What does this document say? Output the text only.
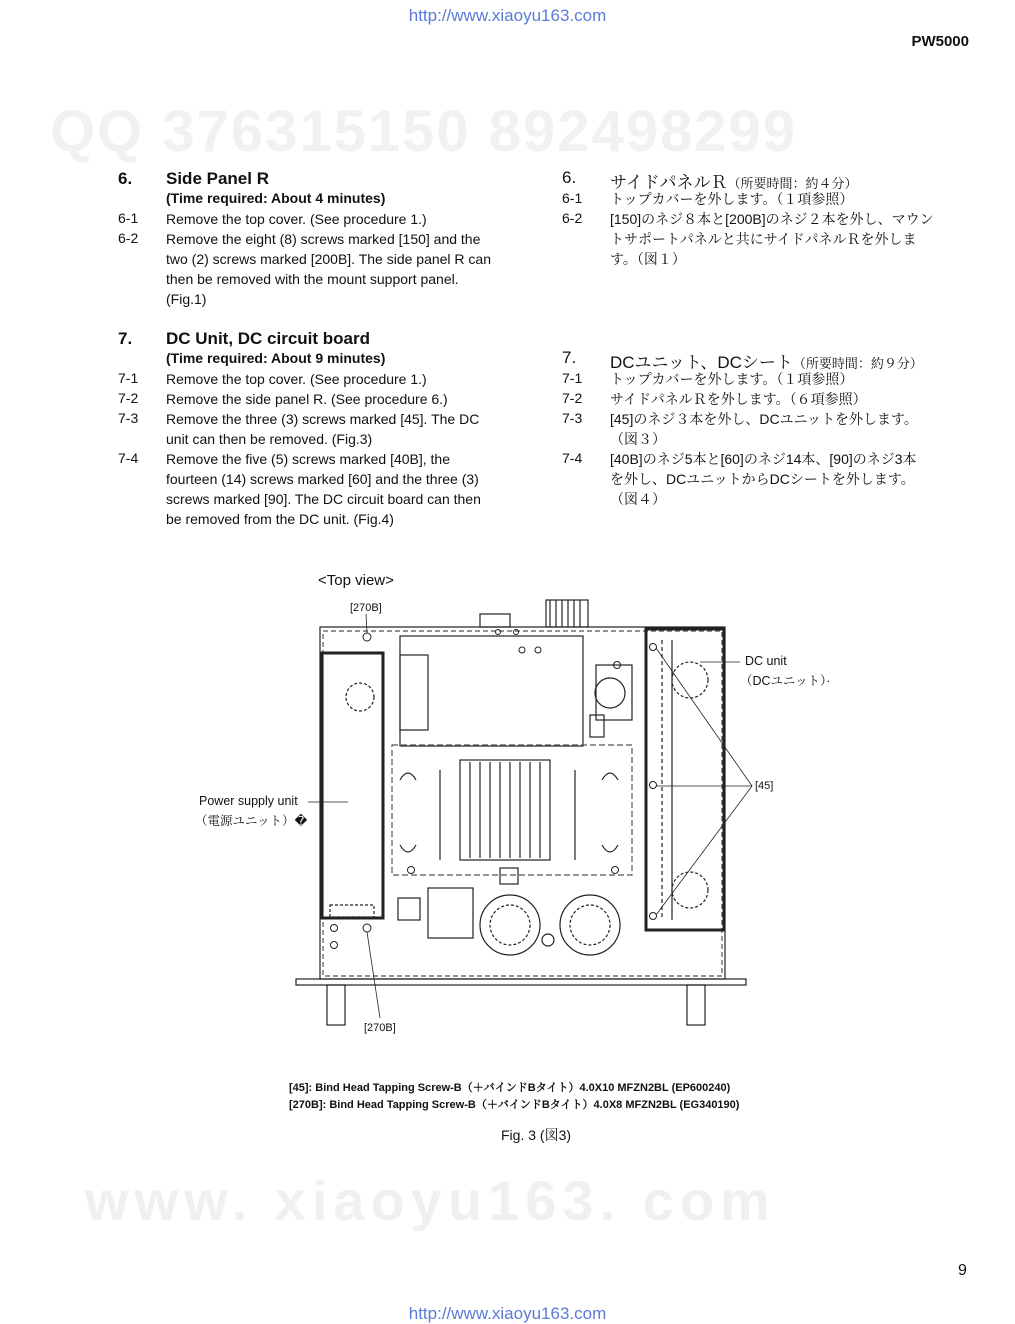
QQ 376315150 892498299
www. xiaoyu163. com
http://www.xiaoyu163.com
PW5000
6. Side Panel R
(Time required: About 4 minutes)
6-1 Remove the top cover. (See procedure 1.)
6-2 Remove the eight (8) screws marked [150] and the
two (2) screws marked [200B]. The side panel R can
then be removed with the mount support panel.
(Fig.1)
7. DC Unit, DC circuit board
(Time required: About 9 minutes)
7-1 Remove the top cover. (See procedure 1.)
7-2 Remove the side panel R. (See procedure 6.)
7-3 Remove the three (3) screws marked [45]. The DC
unit can then be removed. (Fig.3)
7-4 Remove the five (5) screws marked [40B], the
fourteen (14) screws marked [60] and the three (3)
screws marked [90]. The DC circuit board can then
be removed from the DC unit. (Fig.4)
6. サイドパネルＲ（所要時間：約４分）
6-1 トップカバーを外します。（１項参照）
6-2 [150]のネジ８本と[200B]のネジ２本を外し、マウン
トサポートパネルと共にサイドパネルＲを外しま
す。（図１）
7. DCユニット、DCシート（所要時間：約９分）
7-1 トップカバーを外します。（１項参照）
7-2 サイドパネルＲを外します。（６項参照）
7-3 [45]のネジ３本を外し、DCユニットを外します。
（図３）
7-4 [40B]のネジ5本と[60]のネジ14本、[90]のネジ3本
を外し、DCユニットからDCシートを外します。
（図４）
<Top view>
[270B]
[270B]
DC unit
（DCユニット）·
[45]
Power supply unit
（電源ユニット）�
[45]: Bind Head Tapping Screw-B（＋バインドBタイト）4.0X10 MFZN2BL (EP600240)
[270B]: Bind Head Tapping Screw-B（＋バインドBタイト）4.0X8 MFZN2BL (EG340190)
Fig. 3 (図3)
9
http://www.xiaoyu163.com
